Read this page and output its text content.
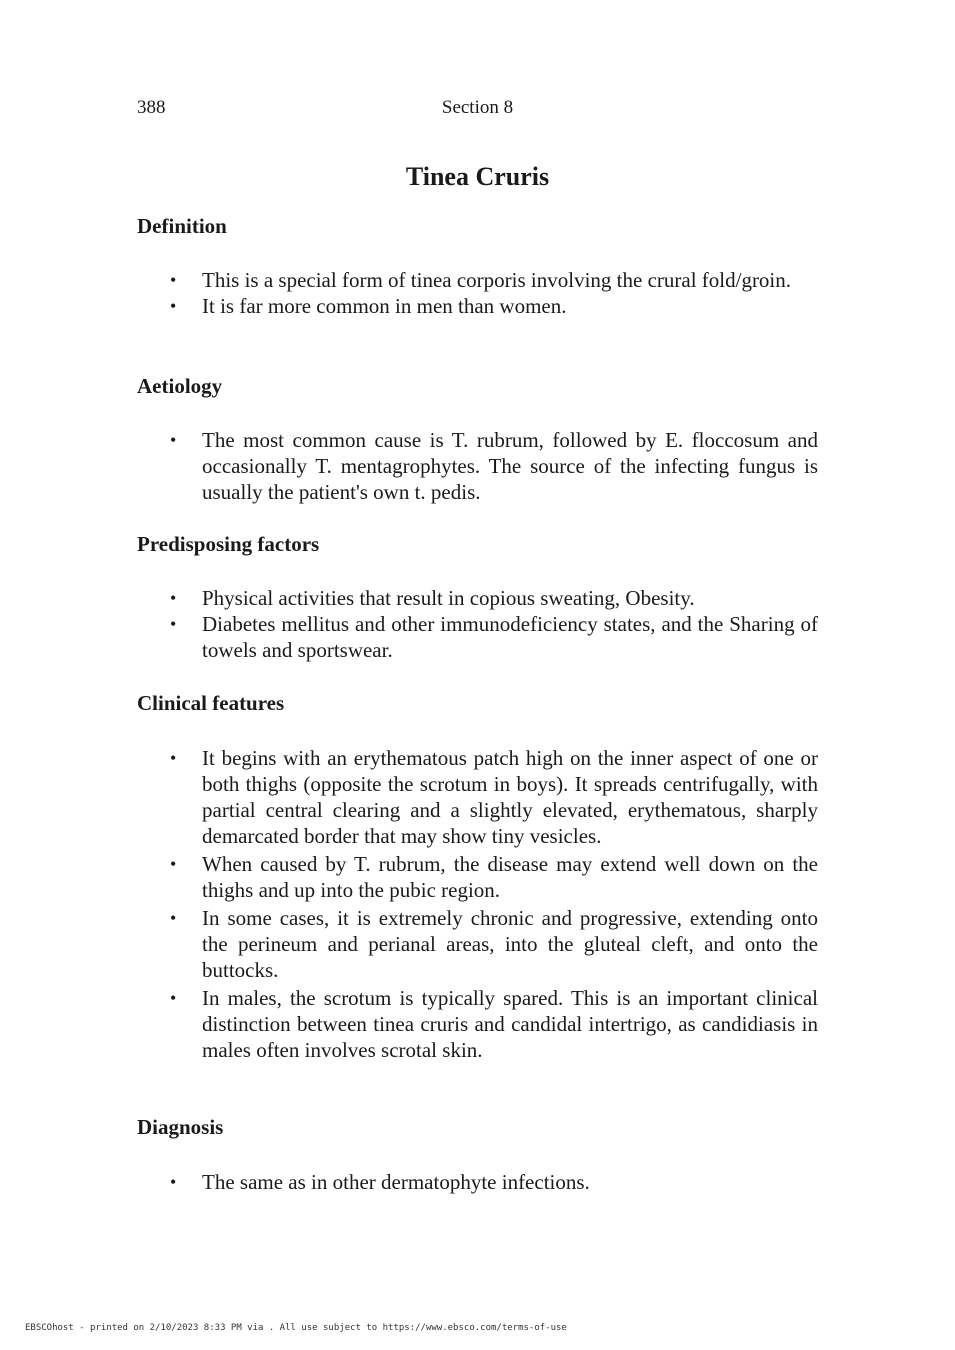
388	Section 8
Tinea Cruris
Definition
• This is a special form of tinea corporis involving the crural fold/groin.
• It is far more common in men than women.
Aetiology
• The most common cause is T. rubrum, followed by E. floccosum and occasionally T. mentagrophytes. The source of the infecting fungus is usually the patient's own t. pedis.
Predisposing factors
• Physical activities that result in copious sweating, Obesity.
• Diabetes mellitus and other immunodeficiency states, and the Sharing of towels and sportswear.
Clinical features
• It begins with an erythematous patch high on the inner aspect of one or both thighs (opposite the scrotum in boys). It spreads centrifugally, with partial central clearing and a slightly elevated, erythematous, sharply demarcated border that may show tiny vesicles.
• When caused by T. rubrum, the disease may extend well down on the thighs and up into the pubic region.
• In some cases, it is extremely chronic and progressive, extending onto the perineum and perianal areas, into the gluteal cleft, and onto the buttocks.
• In males, the scrotum is typically spared. This is an important clinical distinction between tinea cruris and candidal intertrigo, as candidiasis in males often involves scrotal skin.
Diagnosis
• The same as in other dermatophyte infections.
EBSCOhost - printed on 2/10/2023 8:33 PM via . All use subject to https://www.ebsco.com/terms-of-use
